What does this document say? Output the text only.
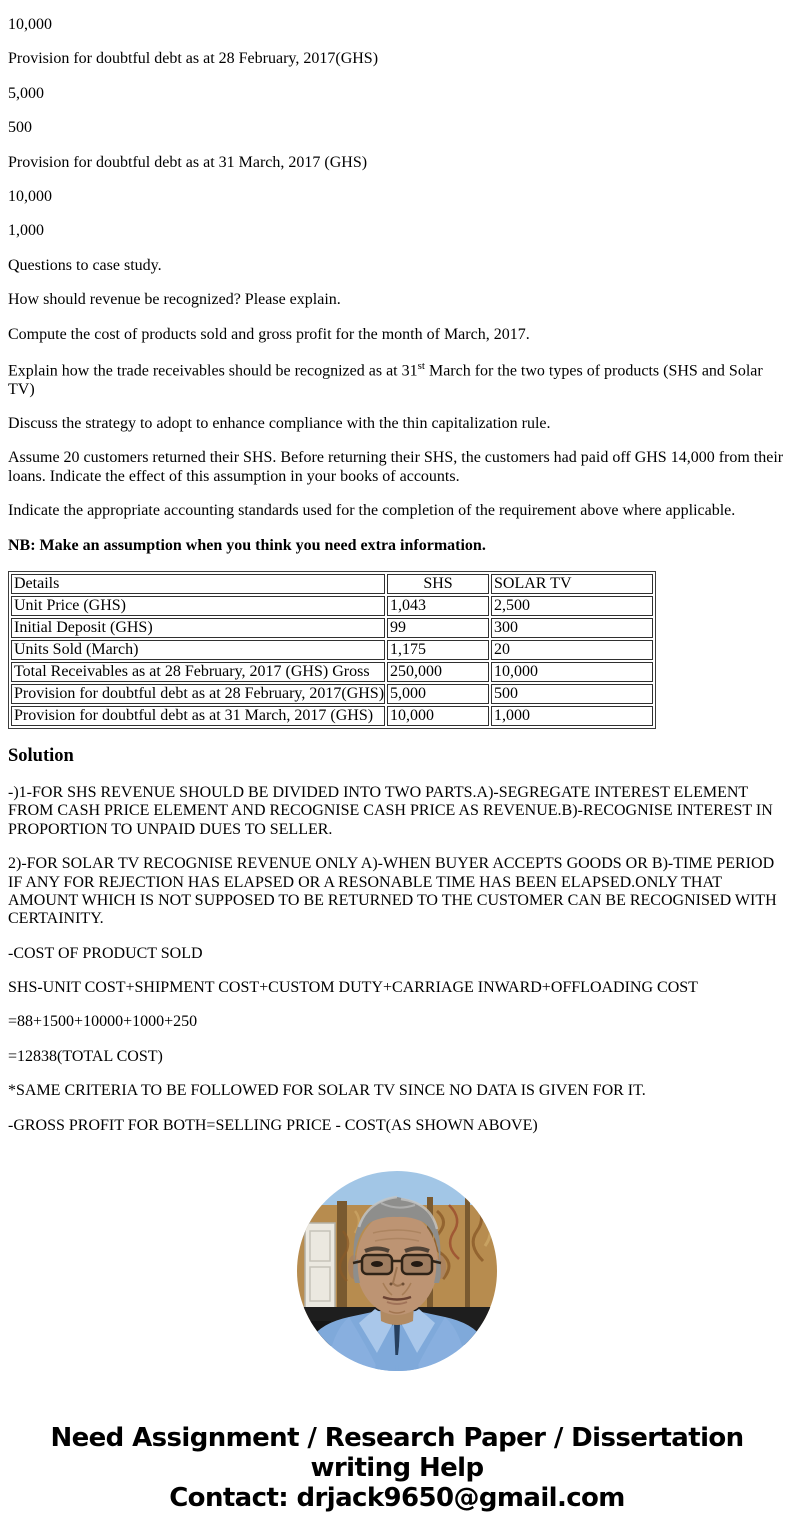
10,000

Provision for doubtful debt as at 28 February, 2017(GHS)

5,000

500

Provision for doubtful debt as at 31 March, 2017 (GHS)

10,000

1,000

Questions to case study.

How should revenue be recognized? Please explain.

Compute the cost of products sold and gross profit for the month of March, 2017.

Explain how the trade receivables should be recognized as at 31st March for the two types of products (SHS and Solar TV)

Discuss the strategy to adopt to enhance compliance with the thin capitalization rule.

Assume 20 customers returned their SHS. Before returning their SHS, the customers had paid off GHS 14,000 from their loans. Indicate the effect of this assumption in your books of accounts.

Indicate the appropriate accounting standards used for the completion of the requirement above where applicable.

NB: Make an assumption when you think you need extra information.

Details	SHS	SOLAR TV
Unit Price (GHS)	1,043	2,500
Initial Deposit (GHS)	99	300
Units Sold (March)	1,175	20
Total Receivables as at 28 February, 2017 (GHS) Gross	250,000	10,000
Provision for doubtful debt as at 28 February, 2017(GHS)	5,000	500
Provision for doubtful debt as at 31 March, 2017 (GHS)	10,000	1,000
Solution

-)1-FOR SHS REVENUE SHOULD BE DIVIDED INTO TWO PARTS.A)-SEGREGATE INTEREST ELEMENT FROM CASH PRICE ELEMENT AND RECOGNISE CASH PRICE AS REVENUE.B)-RECOGNISE INTEREST IN PROPORTION TO UNPAID DUES TO SELLER.

2)-FOR SOLAR TV RECOGNISE REVENUE ONLY A)-WHEN BUYER ACCEPTS GOODS OR B)-TIME PERIOD IF ANY FOR REJECTION HAS ELAPSED OR A RESONABLE TIME HAS BEEN ELAPSED.ONLY THAT AMOUNT WHICH IS NOT SUPPOSED TO BE RETURNED TO THE CUSTOMER CAN BE RECOGNISED WITH CERTAINITY.

-COST OF PRODUCT SOLD

SHS-UNIT COST+SHIPMENT COST+CUSTOM DUTY+CARRIAGE INWARD+OFFLOADING COST

=88+1500+10000+1000+250

=12838(TOTAL COST)

*SAME CRITERIA TO BE FOLLOWED FOR SOLAR TV SINCE NO DATA IS GIVEN FOR IT.

-GROSS PROFIT FOR BOTH=SELLING PRICE - COST(AS SHOWN ABOVE)

Need Assignment / Research Paper / Dissertation
writing Help
Contact: drjack9650@gmail.com
